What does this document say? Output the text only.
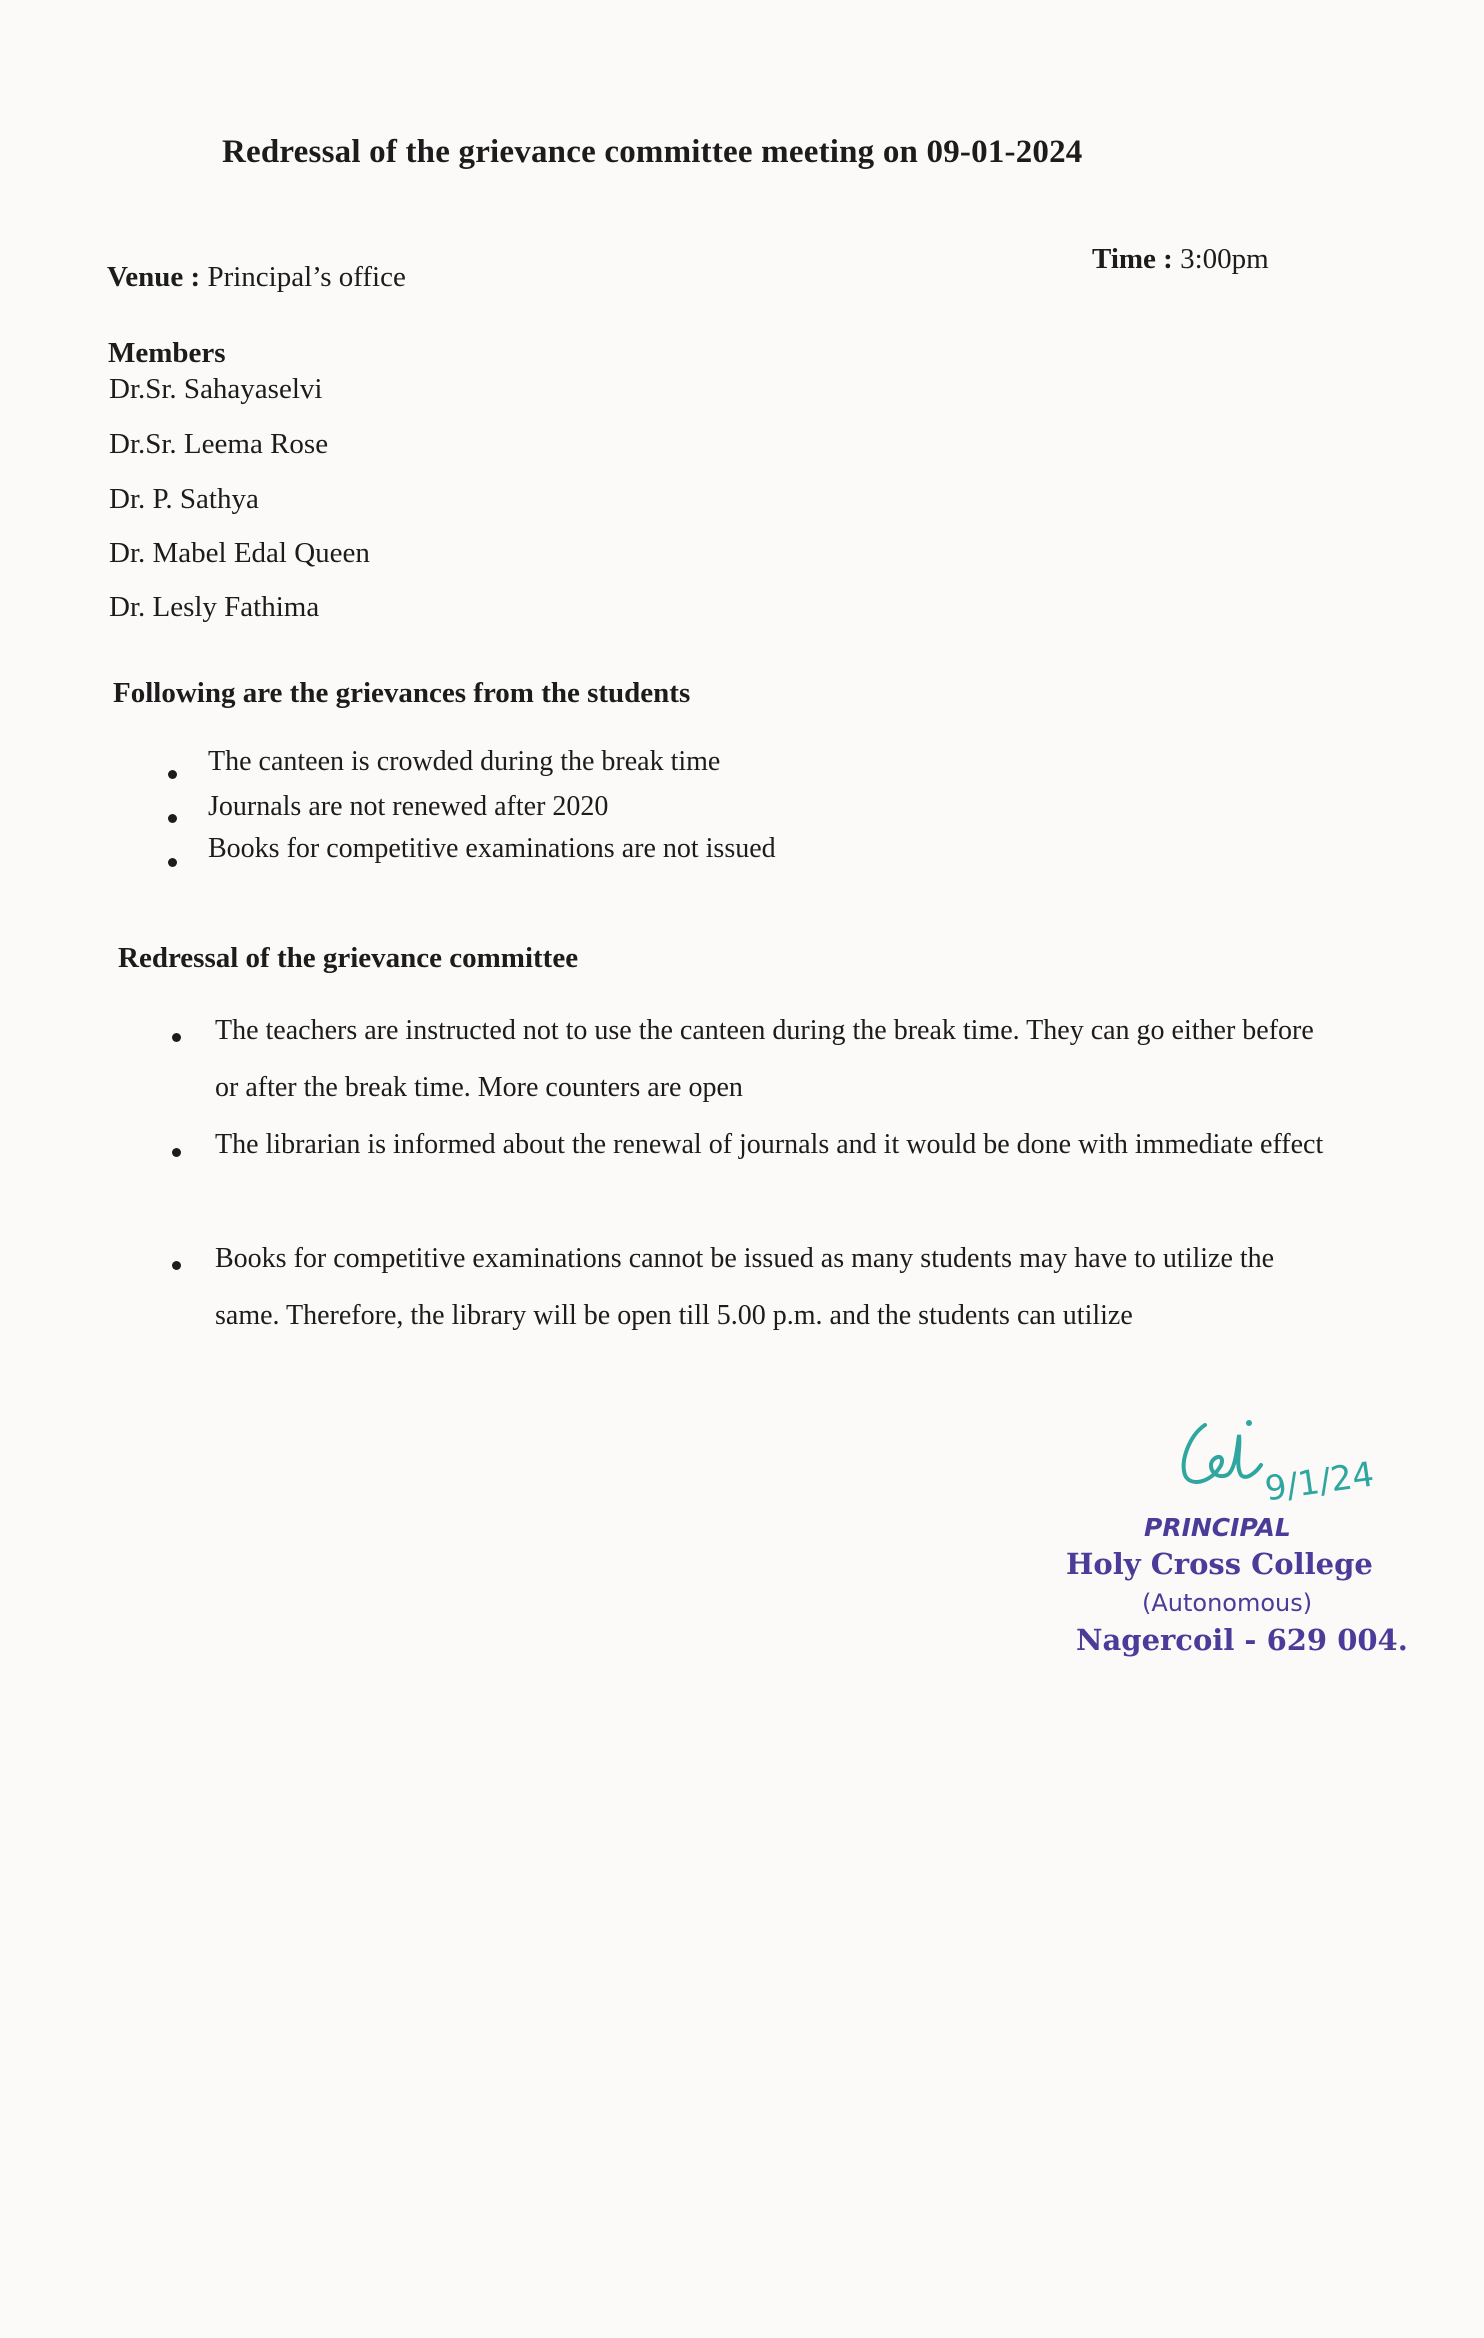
Redressal of the grievance committee meeting on 09-01-2024
Venue : Principal’s office
Time : 3:00pm
Members
Dr.Sr. Sahayaselvi
Dr.Sr. Leema Rose
Dr. P. Sathya
Dr. Mabel Edal Queen
Dr. Lesly Fathima
Following are the grievances from the students
The canteen is crowded during the break time
Journals are not renewed after 2020
Books for competitive examinations are not issued
Redressal of the grievance committee
The teachers are instructed not to use the canteen during the break time. They can go either before or after the break time. More counters are open
The librarian is informed about the renewal of journals and it would be done with immediate effect
Books for competitive examinations cannot be issued as many students may have to utilize the same. Therefore, the library will be open till 5.00 p.m. and the students can utilize
9/1/24
PRINCIPAL
Holy Cross College
(Autonomous)
Nagercoil - 629 004.
